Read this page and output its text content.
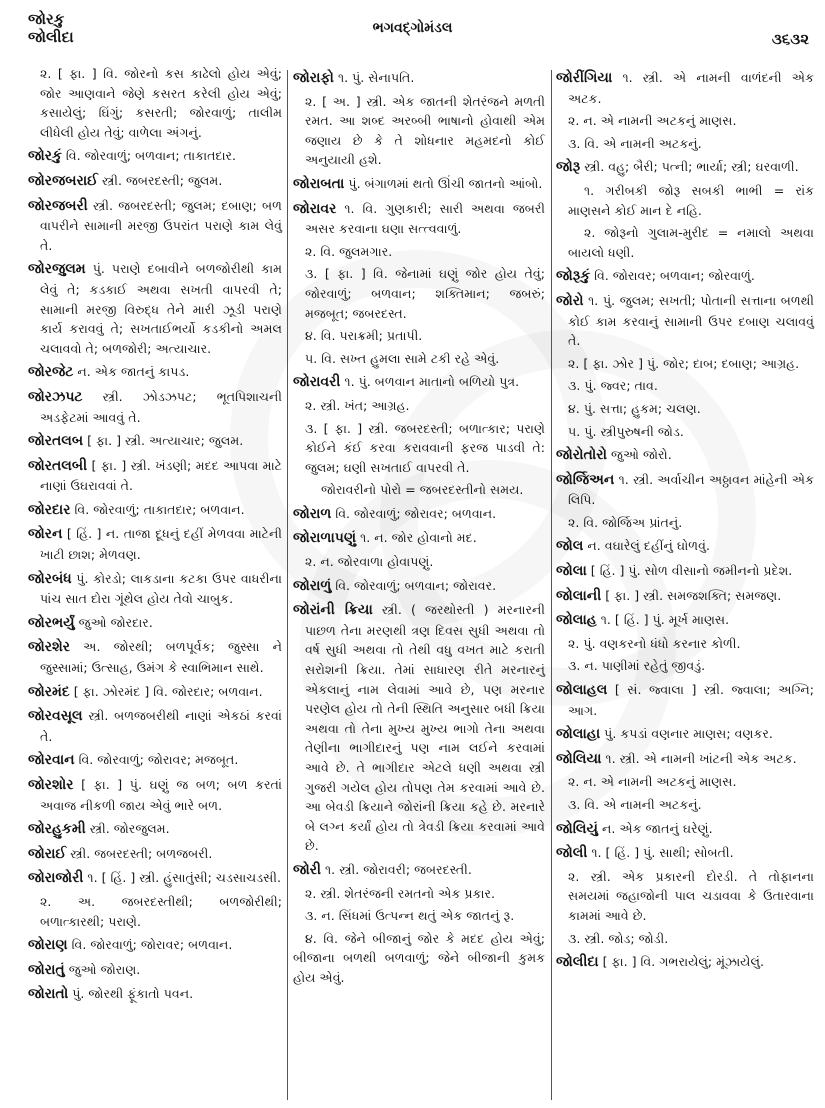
જોરકુ
જોલીદા	ભગવદ્ગોમંડલ
૩૬૩૨
૨. [ ફા. ] વિ. જોરનો કસ કાઢેલો હોય એવું; જોર આણવાને જેણે કસરત કરેલી હોય એવું; કસાયેલું; ઘિંગું; કસરતી; જોરવાળું; તાલીમ લીધેલી હોય તેવું; વાળેલા અંગનું.
જોરકું વિ. જોરવાળું; બળવાન; તાકાતદાર.
જોરજબરાઈ સ્ત્રી. જબરદસ્તી; જુલમ.
જોરજબરી સ્ત્રી. જબરદસ્તી; જુલમ; દબાણ; બળ વાપરીને સામાની મરજી ઉપરાંત પરાણે કામ લેવું તે.
જોરજુલમ પું. પરાણે દબાવીને બળજોરીથી કામ લેવું તે; કડકાઈ અથવા સખતી વાપરવી તે; સામાની મરજી વિરુદ્ધ તેને મારી ઝૂડી પરાણે કાર્ય કરાવવું તે; સખતાઈભર્યો કડકીનો અમલ ચલાવવો તે; બળજોરી; અત્યાચાર.
જોરજેટ ન. એક જાતનું કાપડ.
જોરઝપટ સ્ત્રી. ઝોડઝપટ; ભૂતપિશાચની અડફેટમાં આવવું તે.
જોરતલબ [ ફા. ] સ્ત્રી. અત્યાચાર; જુલમ.
જોરતલબી [ ફા. ] સ્ત્રી. ખંડણી; મદદ આપવા માટે નાણાં ઉઘરાવવાં તે.
જોરદાર વિ. જોરવાળું; તાકાતદાર; બળવાન.
જોરન [ હિં. ] ન. તાજા દૂધનું દહીં મેળવવા માટેની ખાટી છાશ; મેળવણ.
જોરબંધ પું. કોરડો; લાકડાના કટકા ઉપર વાધરીના પાંચ સાત દોરા ગૂંથેલ હોય તેવો ચાબુક.
જોરભર્યું જુઓ જોરદાર.
જોરશેર અ. જોરથી; બળપૂર્વક; જુસ્સા ને જુસ્સામાં; ઉત્સાહ, ઉમંગ કે સ્વાભિમાન સાથે.
જોરમંદ [ ફા. ઝોરમંદ ] વિ. જોરદાર; બળવાન.
જોરવસૂલ સ્ત્રી. બળજબરીથી નાણાં એકઠાં કરવાં તે.
જોરવાન વિ. જોરવાળું; જોરાવર; મજબૂત.
જોરશોર [ ફા. ] પું. ઘણું જ બળ; બળ કરતાં અવાજ નીકળી જાય એવું ભારે બળ.
જોરહુકમી સ્ત્રી. જોરજુલમ.
જોરાઈ સ્ત્રી. જબરદસ્તી; બળજબરી.
જોરાજોરી ૧. [ હિં. ] સ્ત્રી. હુંસાતુંસી; ચડસાચડસી.
૨. અ. જબરદસ્તીથી; બળજોરીથી; બળાત્કારથી; પરાણે.
જોરાણ વિ. જોરવાળું; જોરાવર; બળવાન.
જોરાતું જુઓ જોરાણ.
જોરાતો પું. જોરથી ફૂંકાતો પવન.
જોરાફો ૧. પું. સેનાપતિ.
૨. [ અ. ] સ્ત્રી. એક જાતની શેતરંજને મળતી રમત. આ શબ્દ અરબ્બી ભાષાનો હોવાથી એમ જણાય છે કે તે શોધનાર મહમદનો કોઈ અનુયાયી હશે.
જોરાબતા પું. બંગાળમાં થતો ઊંચી જાતનો આંબો.
જોરાવર ૧. વિ. ગુણકારી; સારી અથવા જબરી અસર કરવાના ઘણા સત્ત્વવાળું.
૨. વિ. જુલમગાર.
૩. [ ફા. ] વિ. જેનામાં ઘણું જોર હોય તેવું; જોરવાળું; બળવાન; શક્તિમાન; જબરું; મજબૂત; જબરદસ્ત.
૪. વિ. પરાક્રમી; પ્રતાપી.
૫. વિ. સખ્ત હુમલા સામે ટકી રહે એવું.
જોરાવરી ૧. પું. બળવાન માતાનો બળિયો પુત્ર.
૨. સ્ત્રી. ખંત; આગ્રહ.
૩. [ ફા. ] સ્ત્રી. જબરદસ્તી; બળાત્કાર; પરાણે કોઈને કંઈ કરવા કરાવવાની ફરજ પાડવી તે: જુલમ; ઘણી સખતાઈ વાપરવી તે.
જોરાવરીનો પોરો = જબરદસ્તીનો સમય.
જોરાળ વિ. જોરવાળું; જોરાવર; બળવાન.
જોરાળાપણું ૧. ન. જોર હોવાનો મદ.
૨. ન. જોરવાળા હોવાપણું.
જોરાળું વિ. જોરવાળું; બળવાન; જોરાવર.
જોરાંની ક્રિયા સ્ત્રી. ( જરથોસ્તી ) મરનારની પાછળ તેના મરણથી ત્રણ દિવસ સુધી અથવા તો વર્ષ સુધી અથવા તો તેથી વધુ વખત માટે કરાતી સરોશની ક્રિયા. તેમાં સાધારણ રીતે મરનારનું એકલાનું નામ લેવામાં આવે છે, પણ મરનાર પરણેલ હોય તો તેની સ્થિતિ અનુસાર બધી ક્રિયા અથવા તો તેના મુખ્ય મુખ્ય ભાગો તેના અથવા તેણીના ભાગીદારનું પણ નામ લઈને કરવામાં આવે છે. તે ભાગીદાર એટલે ધણી અથવા સ્ત્રી ગુજરી ગયેલ હોય તોપણ તેમ કરવામાં આવે છે. આ બેવડી ક્રિયાને જોરાંની ક્રિયા કહે છે. મરનારે બે લગ્ન કર્યાં હોય તો ત્રેવડી ક્રિયા કરવામાં આવે છે.
જોરી ૧. સ્ત્રી. જોરાવરી; જબરદસ્તી.
૨. સ્ત્રી. શેતરંજની રમતનો એક પ્રકાર.
૩. ન. સિંધમાં ઉત્પન્ન થતું એક જાતનું રૂ.
૪. વિ. જેને બીજાનું જોર કે મદદ હોય એવું; બીજાના બળથી બળવાળું; જેને બીજાની કુમક હોય એવું.
જોરીંગિયા ૧. સ્ત્રી. એ નામની વાળંદની એક અટક.
૨. ન. એ નામની અટકનું માણસ.
૩. વિ. એ નામની અટકનું.
જોરૂ સ્ત્રી. વહુ; બૈરી; પત્ની; ભાર્યા; સ્ત્રી; ઘરવાળી.
૧. ગરીબકી જોરૂ સબકી ભાભી = રાંક માણસને કોઈ માન દે નહિ.
૨. જોરૂનો ગુલામ-મુરીદ = નમાલો અથવા બાયલો ધણી.
જોરૂકું વિ. જોરાવર; બળવાન; જોરવાળું.
જોરો ૧. પું. જુલમ; સખતી; પોતાની સત્તાના બળથી કોઈ કામ કરવાનું સામાની ઉપર દબાણ ચલાવવું તે.
૨. [ ફા. ઝોર ] પું. જોર; દાબ; દબાણ; આગ્રહ.
૩. પું. જ્વર; તાવ.
૪. પું. સત્તા; હુકમ; ચલણ.
૫. પું. સ્ત્રીપુરુષની જોડ.
જોરોતોરો જુઓ જોરો.
જોર્જિઅન ૧. સ્ત્રી. અર્વાચીન અઠ્ઠાવન માંહેની એક લિપિ.
૨. વિ. જોર્જિઅ પ્રાંતનું.
જોલ ન. વઘારેલું દહીંનું ઘોળવું.
જોલા [ હિં. ] પું. સોળ વીસાનો જમીનનો પ્રદેશ.
જોલાની [ ફા. ] સ્ત્રી. સમજશક્તિ; સમજણ.
જોલાહ ૧. [ હિં. ] પું. મૂર્ખ માણસ.
૨. પું. વણકરનો ધંધો કરનાર કોળી.
૩. ન. પાણીમાં રહેતું જીવડું.
જોલાહલ [ સં. જ્વાલા ] સ્ત્રી. જ્વાલા; અગ્નિ; આગ.
જોલાહા પું. કપડાં વણનાર માણસ; વણકર.
જોલિયા ૧. સ્ત્રી. એ નામની ખાંટની એક અટક.
૨. ન. એ નામની અટકનું માણસ.
૩. વિ. એ નામની અટકનું.
જોલિયું ન. એક જાતનું ઘરેણું.
જોલી ૧. [ હિં. ] પું. સાથી; સોબતી.
૨. સ્ત્રી. એક પ્રકારની દોરડી. તે તોફાનના સમયમાં જહાજોની પાલ ચડાવવા કે ઉતારવાના કામમાં આવે છે.
૩. સ્ત્રી. જોડ; જોડી.
જોલીદા [ ફા. ] વિ. ગભરાયેલું; મૂંઝાયેલું.
